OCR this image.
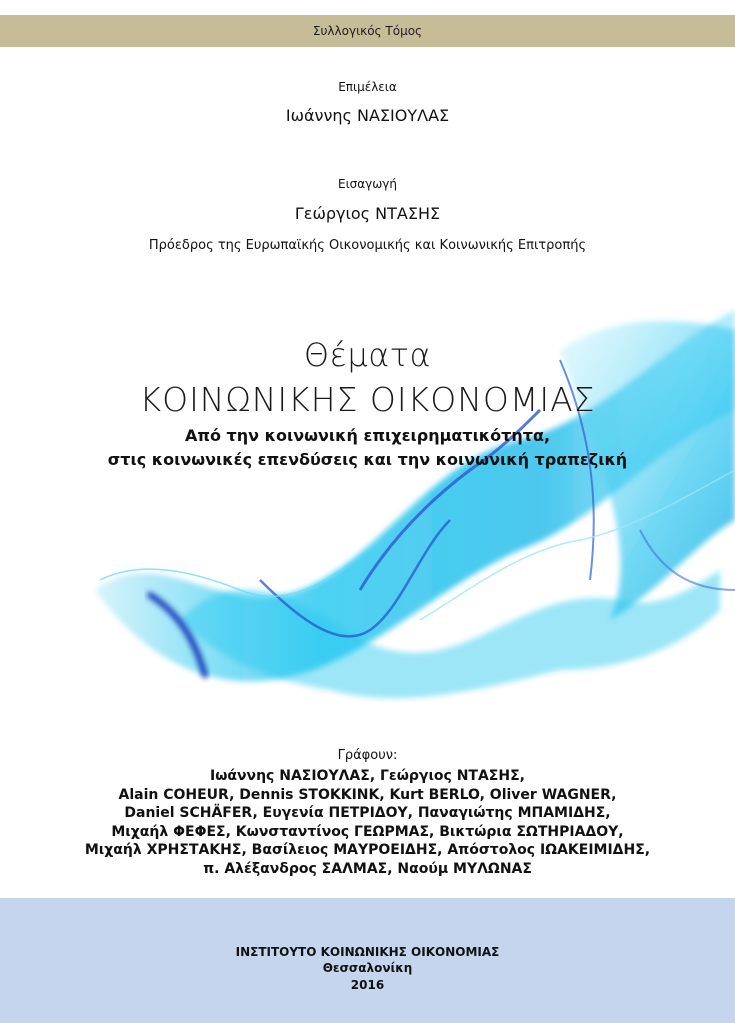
Συλλογικός Τόμος
Επιμέλεια
Ιωάννης ΝΑΣΙΟΥΛΑΣ
Εισαγωγή
Γεώργιος ΝΤΑΣΗΣ
Πρόεδρος της Ευρωπαϊκής Οικονομικής και Κοινωνικής Επιτροπής
Θέματα
ΚΟΙΝΩΝΙΚΗΣ ΟΙΚΟΝΟΜΙΑΣ
Από την κοινωνική επιχειρηματικότητα,
στις κοινωνικές επενδύσεις και την κοινωνική τραπεζική
Γράφουν:
Ιωάννης ΝΑΣΙΟΥΛΑΣ, Γεώργιος ΝΤΑΣΗΣ,
Alain COHEUR, Dennis STOKKINK, Kurt BERLO, Oliver WAGNER,
Daniel SCHÄFER, Ευγενία ΠΕΤΡΙΔΟΥ, Παναγιώτης ΜΠΑΜΙΔΗΣ,
Μιχαήλ ΦΕΦΕΣ, Κωνσταντίνος ΓΕΩΡΜΑΣ, Βικτώρια ΣΩΤΗΡΙΑΔΟΥ,
Μιχαήλ ΧΡΗΣΤΑΚΗΣ, Βασίλειος ΜΑΥΡΟΕΙΔΗΣ, Απόστολος ΙΩΑΚΕΙΜΙΔΗΣ,
π. Αλέξανδρος ΣΑΛΜΑΣ, Ναούμ ΜΥΛΩΝΑΣ
ΙΝΣΤΙΤΟΥΤΟ ΚΟΙΝΩΝΙΚΗΣ ΟΙΚΟΝΟΜΙΑΣ
Θεσσαλονίκη
2016
